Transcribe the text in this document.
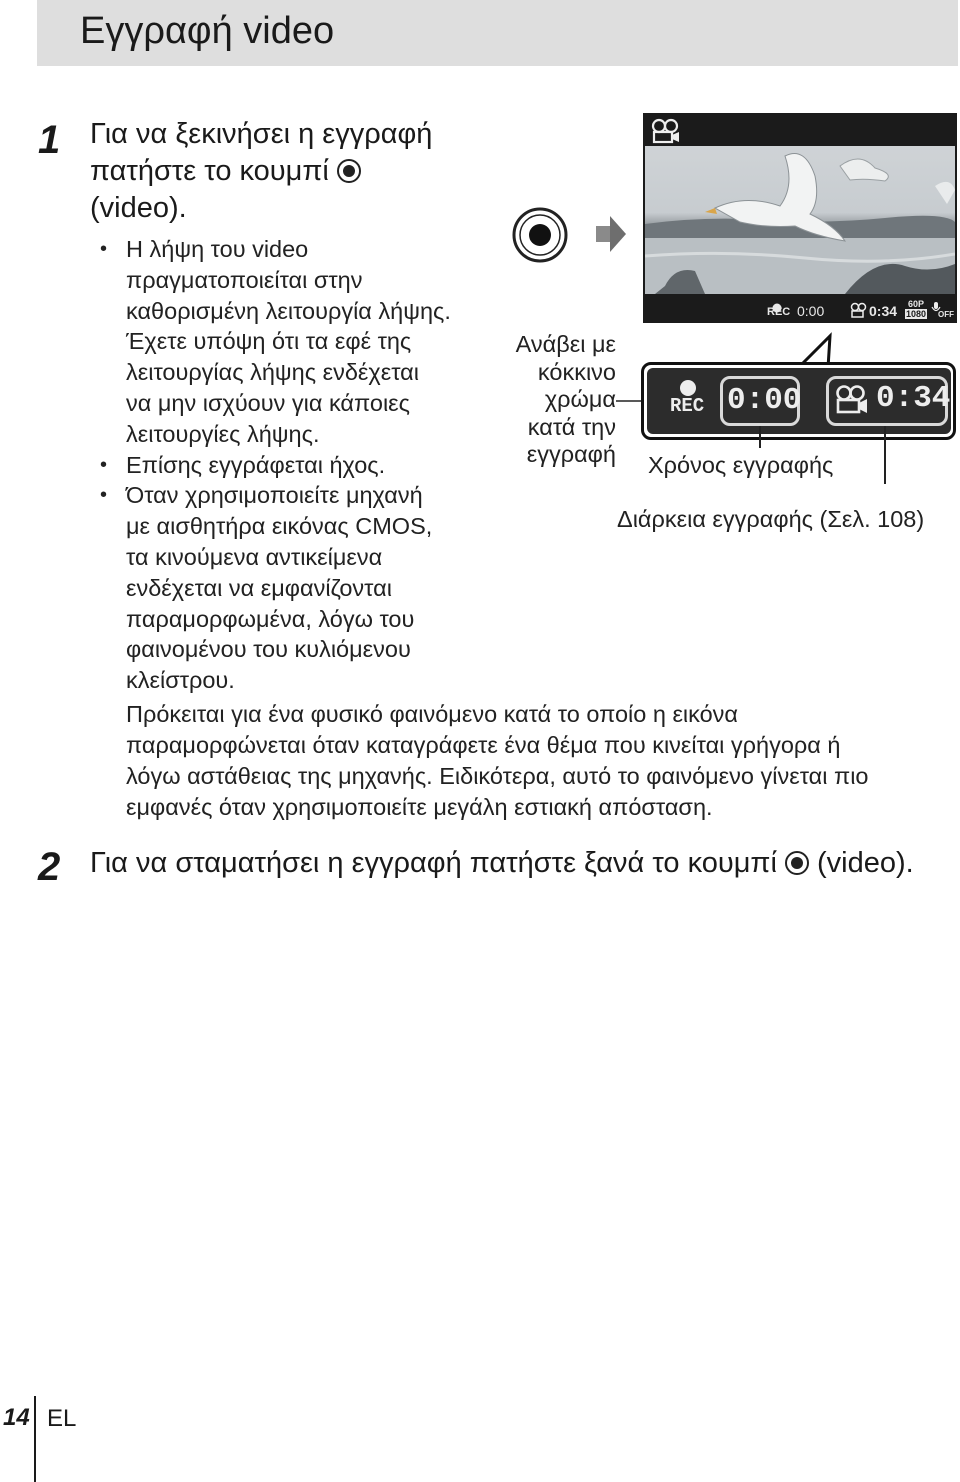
Εγγραφή video
1 Για να ξεκινήσει η εγγραφή
πατήστε το κουμπί
(video).
• Η λήψη του video
πραγματοποιείται στην
καθορισμένη λειτουργία λήψης.
Έχετε υπόψη ότι τα εφέ της
λειτουργίας λήψης ενδέχεται
να μην ισχύουν για κάποιες
λειτουργίες λήψης.
• Επίσης εγγράφεται ήχος.
• Όταν χρησιμοποιείτε μηχανή
με αισθητήρα εικόνας CMOS,
τα κινούμενα αντικείμενα
ενδέχεται να εμφανίζονται
παραμορφωμένα, λόγω του
φαινομένου του κυλιόμενου
κλείστρου.
Πρόκειται για ένα φυσικό φαινόμενο κατά το οποίο η εικόνα
παραμορφώνεται όταν καταγράφετε ένα θέμα που κινείται γρήγορα ή
λόγω αστάθειας της μηχανής. Ειδικότερα, αυτό το φαινόμενο γίνεται πιο
εμφανές όταν χρησιμοποιείτε μεγάλη εστιακή απόσταση.
2 Για να σταματήσει η εγγραφή πατήστε ξανά το κουμπί (video).
Ανάβει με
κόκκινο
χρώμα
κατά την
εγγραφή
REC 0:00	0:34 60P
1080 OFF
REC 0:00 0:34
Χρόνος εγγραφής
Διάρκεια εγγραφής (Σελ. 108)
14 EL
